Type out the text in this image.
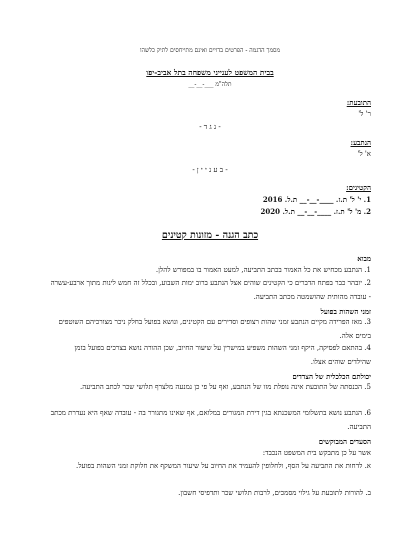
מסמך הדגמה - הפרטים בדויים ואינם מתייחסים לתיק כלשהו
בבית המשפט לענייני משפחה בתל אביב-יפו
תלה"מ ___-__-__
התובעת:
ר' ל'
- נ ג ד -
הנתבע:
א' ל'
- ב ע נ י י ן -
הקטינים:
1. י' ל' ת.ז. ____-__-__ ת.ל. 2016
2. מ' ל' ת.ז. ____-__-__ ת.ל. 2020
כתב הגנה - מזונות קטינים
מבוא
1. הנתבע מכחיש את כל האמור בכתב התביעה, למעט האמור בו במפורש להלן.
2. יובהר כבר בפתח הדברים כי הקטינים שוהים אצל הנתבע ברוב ימות השבוע, ובכלל זה חמש לינות מתוך ארבע-עשרה - עובדה מהותית שהושמטה מכתב התביעה.
זמני השהות בפועל
3. מאז הפרידה מקיים הנתבע זמני שהות רצופים וסדירים עם הקטינים, ונושא בפועל בחלק ניכר מצורכיהם השוטפים בימים אלה.
4. בהתאם לפסיקה, היקף זמני השהות משפיע במישרין על שיעור החיוב, שכן ההורה נושא בצרכים בפועל בזמן שהילדים שוהים אצלו.
יכולתם הכלכלית של הצדדים
5. הכנסתה של התובעת אינה נופלת מזו של הנתבע, ואף על פי כן נמנעה מלצרף תלושי שכר לכתב התביעה.
6. הנתבע נושא בתשלומי המשכנתא בגין דירת המגורים במלואם, אף שאינו מתגורר בה - עובדה שאף היא נעדרת מכתב התביעה.
הסעדים המבוקשים
אשר על כן מתבקש בית המשפט הנכבד:
א. לדחות את התביעה על הסף, ולחלופין להעמיד את החיוב על שיעור המשקף את חלוקת זמני השהות בפועל.
ב. להורות לתובעת על גילוי מסמכים, לרבות תלושי שכר ותדפיסי חשבון.
